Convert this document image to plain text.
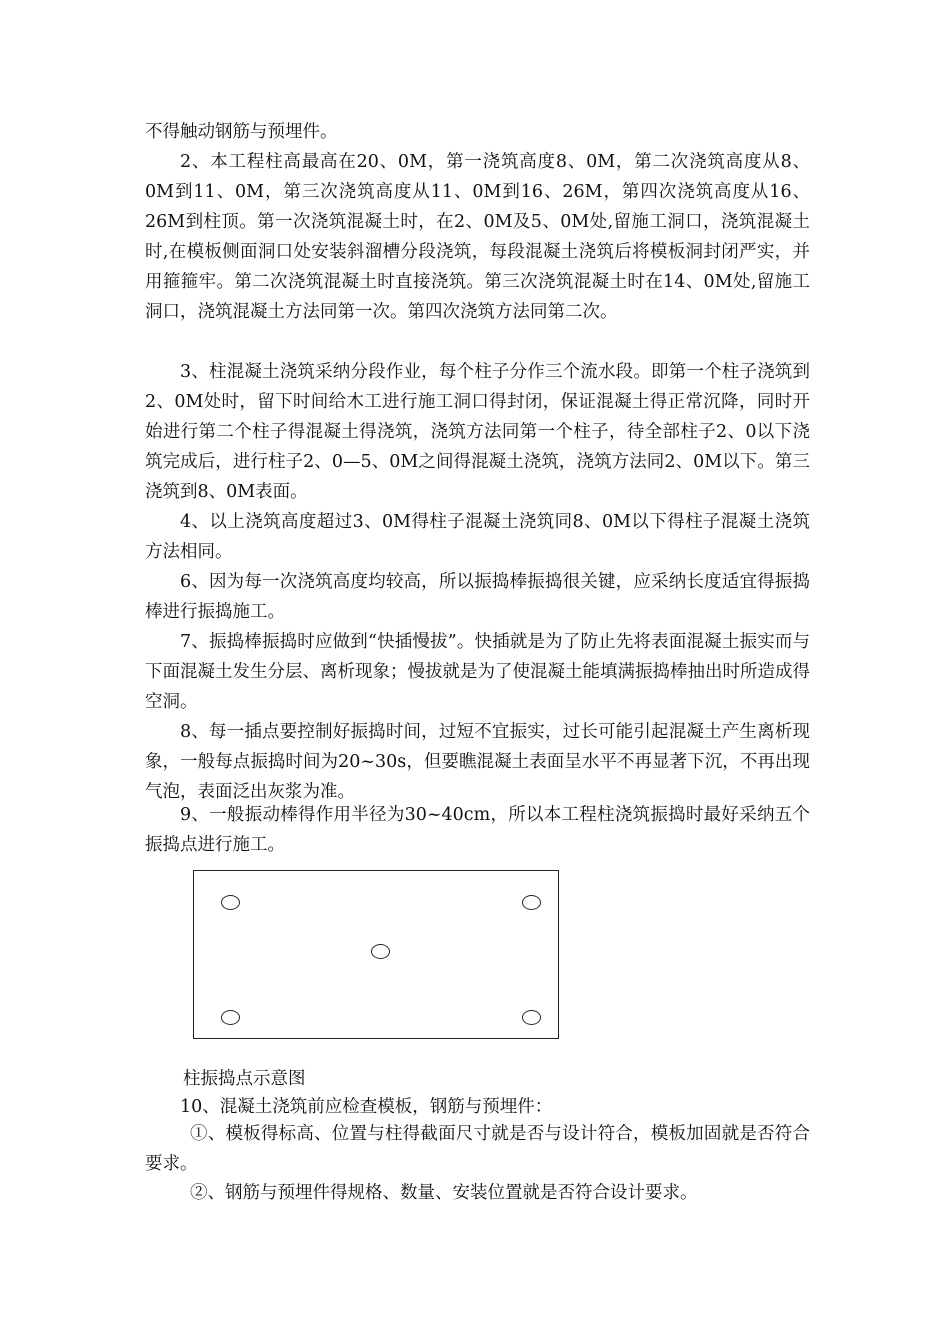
不得触动钢筋与预埋件。

2、本工程柱高最高在20、0M，第一浇筑高度8、0M，第二次浇筑高度从8、0M到11、0M，第三次浇筑高度从11、0M到16、26M，第四次浇筑高度从16、26M到柱顶。第一次浇筑混凝土时，在2、0M及5、0M处,留施工洞口，浇筑混凝土时,在模板侧面洞口处安装斜溜槽分段浇筑，每段混凝土浇筑后将模板洞封闭严实，并用箍箍牢。第二次浇筑混凝土时直接浇筑。第三次浇筑混凝土时在14、0M处,留施工洞口，浇筑混凝土方法同第一次。第四次浇筑方法同第二次。

3、柱混凝土浇筑采纳分段作业，每个柱子分作三个流水段。即第一个柱子浇筑到2、0M处时，留下时间给木工进行施工洞口得封闭，保证混凝土得正常沉降，同时开始进行第二个柱子得混凝土得浇筑，浇筑方法同第一个柱子，待全部柱子2、0以下浇筑完成后，进行柱子2、0—5、0M之间得混凝土浇筑，浇筑方法同2、0M以下。第三浇筑到8、0M表面。

4、以上浇筑高度超过3、0M得柱子混凝土浇筑同8、0M以下得柱子混凝土浇筑方法相同。

6、因为每一次浇筑高度均较高，所以振捣棒振捣很关键，应采纳长度适宜得振捣棒进行振捣施工。

7、振捣棒振捣时应做到“快插慢拔”。快插就是为了防止先将表面混凝土振实而与下面混凝土发生分层、离析现象；慢拔就是为了使混凝土能填满振捣棒抽出时所造成得空洞。

8、每一插点要控制好振捣时间，过短不宜振实，过长可能引起混凝土产生离析现象，一般每点振捣时间为20~30s，但要瞧混凝土表面呈水平不再显著下沉，不再出现气泡，表面泛出灰浆为准。

9、一般振动棒得作用半径为30~40cm，所以本工程柱浇筑振捣时最好采纳五个振捣点进行施工。

柱振捣点示意图

10、混凝土浇筑前应检查模板，钢筋与预埋件：

①、模板得标高、位置与柱得截面尺寸就是否与设计符合，模板加固就是否符合要求。

②、钢筋与预埋件得规格、数量、安装位置就是否符合设计要求。
